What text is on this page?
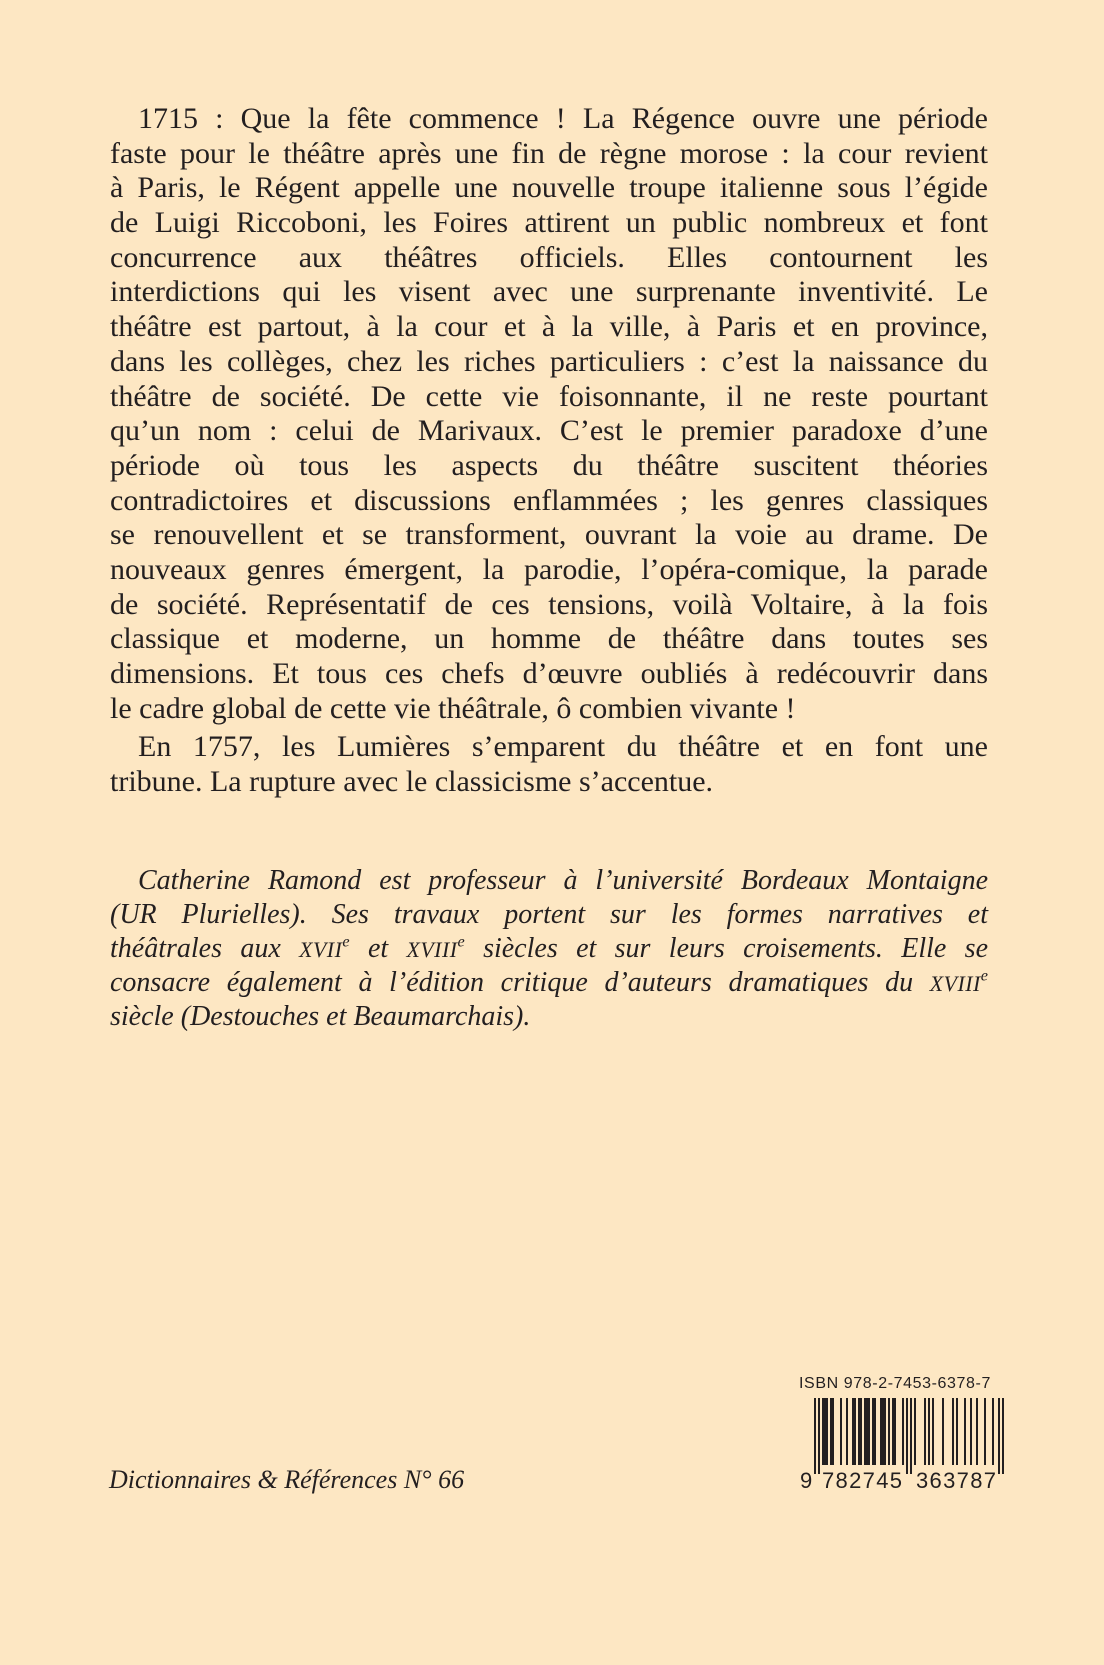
1715 : Que la fête commence ! La Régence ouvre une période
faste pour le théâtre après une fin de règne morose : la cour revient
à Paris, le Régent appelle une nouvelle troupe italienne sous l’égide
de Luigi Riccoboni, les Foires attirent un public nombreux et font
concurrence aux théâtres officiels. Elles contournent les
interdictions qui les visent avec une surprenante inventivité. Le
théâtre est partout, à la cour et à la ville, à Paris et en province,
dans les collèges, chez les riches particuliers : c’est la naissance du
théâtre de société. De cette vie foisonnante, il ne reste pourtant
qu’un nom : celui de Marivaux. C’est le premier paradoxe d’une
période où tous les aspects du théâtre suscitent théories
contradictoires et discussions enflammées ; les genres classiques
se renouvellent et se transforment, ouvrant la voie au drame. De
nouveaux genres émergent, la parodie, l’opéra-comique, la parade
de société. Représentatif de ces tensions, voilà Voltaire, à la fois
classique et moderne, un homme de théâtre dans toutes ses
dimensions. Et tous ces chefs d’œuvre oubliés à redécouvrir dans
le cadre global de cette vie théâtrale, ô combien vivante !
En 1757, les Lumières s’emparent du théâtre et en font une
tribune. La rupture avec le classicisme s’accentue.
Catherine Ramond est professeur à l’université Bordeaux Montaigne
(UR Plurielles). Ses travaux portent sur les formes narratives et
théâtrales aux XVIIe et XVIIIe siècles et sur leurs croisements. Elle se
consacre également à l’édition critique d’auteurs dramatiques du XVIIIe
siècle (Destouches et Beaumarchais).
ISBN 978-2-7453-6378-7
9 782745 363787
Dictionnaires & Références N° 66
